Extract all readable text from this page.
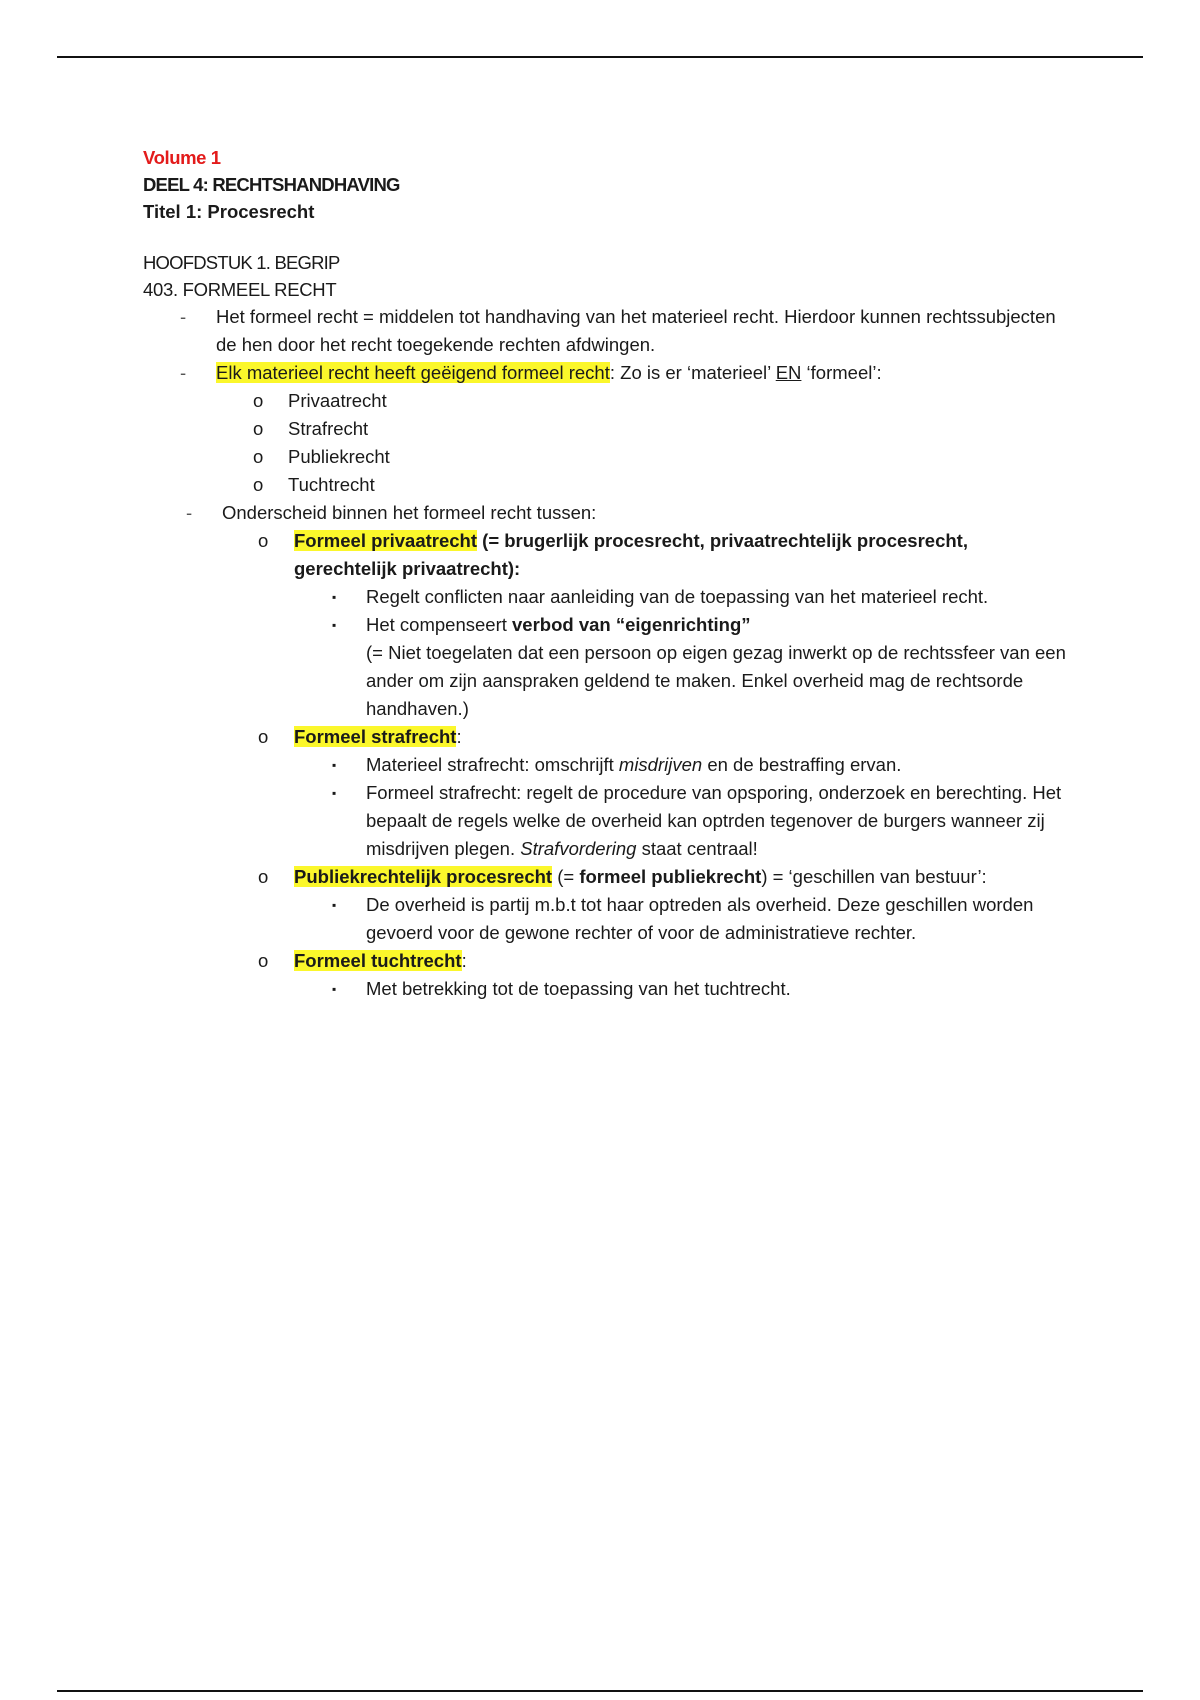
Volume 1
DEEL 4: RECHTSHANDHAVING
Titel 1: Procesrecht
HOOFDSTUK 1. BEGRIP
403. FORMEEL RECHT
- Het formeel recht = middelen tot handhaving van het materieel recht. Hierdoor kunnen rechtssubjecten de hen door het recht toegekende rechten afdwingen.
- Elk materieel recht heeft geëigend formeel recht: Zo is er ‘materieel’ EN ‘formeel’:
o Privaatrecht
o Strafrecht
o Publiekrecht
o Tuchtrecht
- Onderscheid binnen het formeel recht tussen:
o Formeel privaatrecht (= brugerlijk procesrecht, privaatrechtelijk procesrecht, gerechtelijk privaatrecht):
▪ Regelt conflicten naar aanleiding van de toepassing van het materieel recht.
▪ Het compenseert verbod van “eigenrichting”
(= Niet toegelaten dat een persoon op eigen gezag inwerkt op de rechtssfeer van een ander om zijn aanspraken geldend te maken. Enkel overheid mag de rechtsorde handhaven.)
o Formeel strafrecht:
▪ Materieel strafrecht: omschrijft misdrijven en de bestraffing ervan.
▪ Formeel strafrecht: regelt de procedure van opsporing, onderzoek en berechting. Het bepaalt de regels welke de overheid kan optrden tegenover de burgers wanneer zij misdrijven plegen. Strafvordering staat centraal!
o Publiekrechtelijk procesrecht (= formeel publiekrecht) = ‘geschillen van bestuur’:
▪ De overheid is partij m.b.t tot haar optreden als overheid. Deze geschillen worden gevoerd voor de gewone rechter of voor de administratieve rechter.
o Formeel tuchtrecht:
▪ Met betrekking tot de toepassing van het tuchtrecht.
